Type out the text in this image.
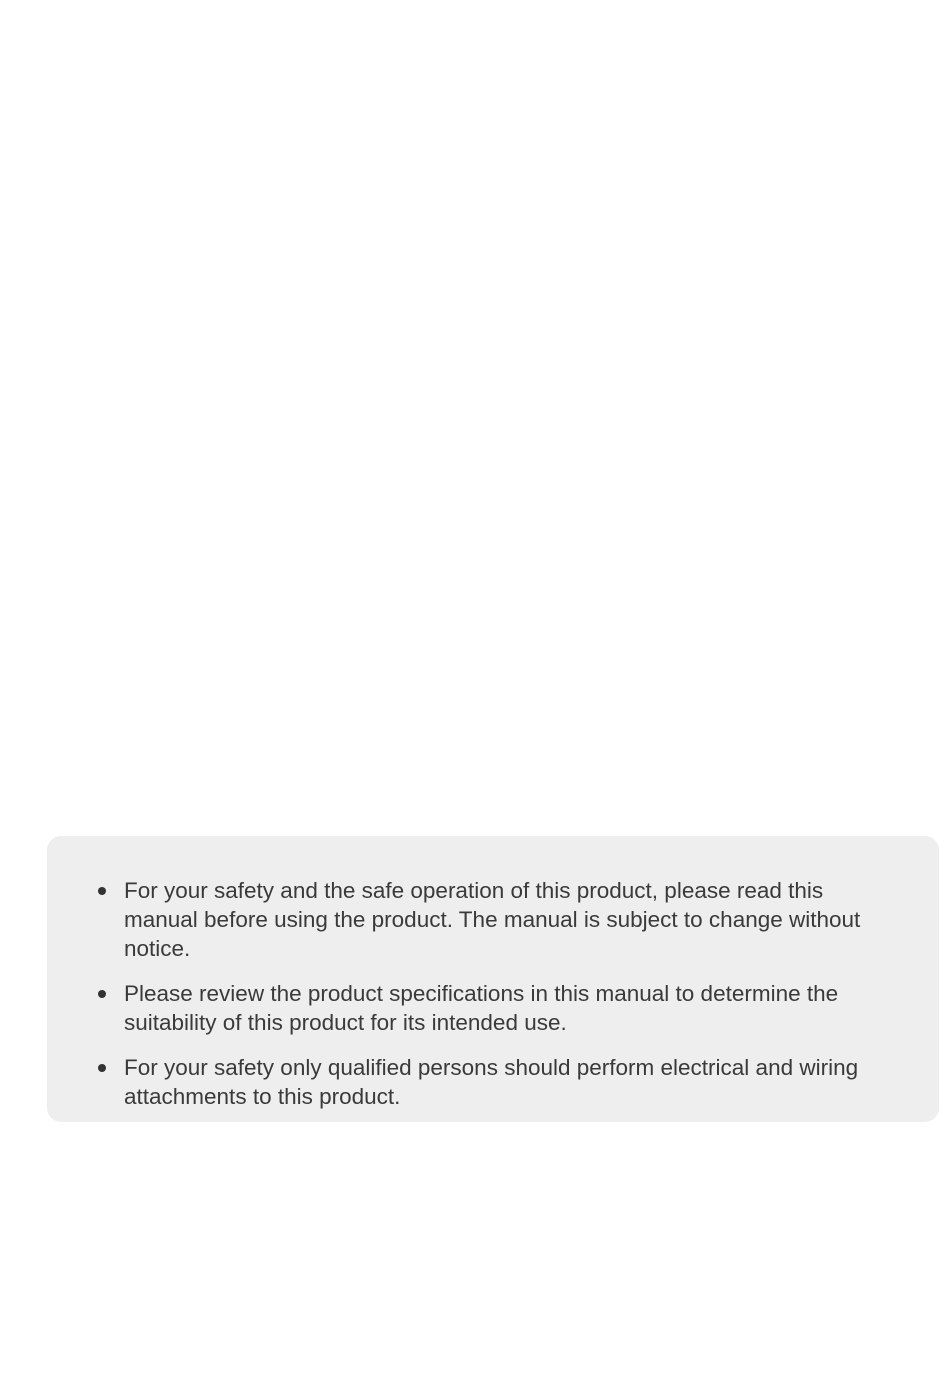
For your safety and the safe operation of this product, please read this manual before using the product. The manual is subject to change without notice.
Please review the product specifications in this manual to determine the suitability of this product for its intended use.
For your safety only qualified persons should perform electrical and wiring attachments to this product.
